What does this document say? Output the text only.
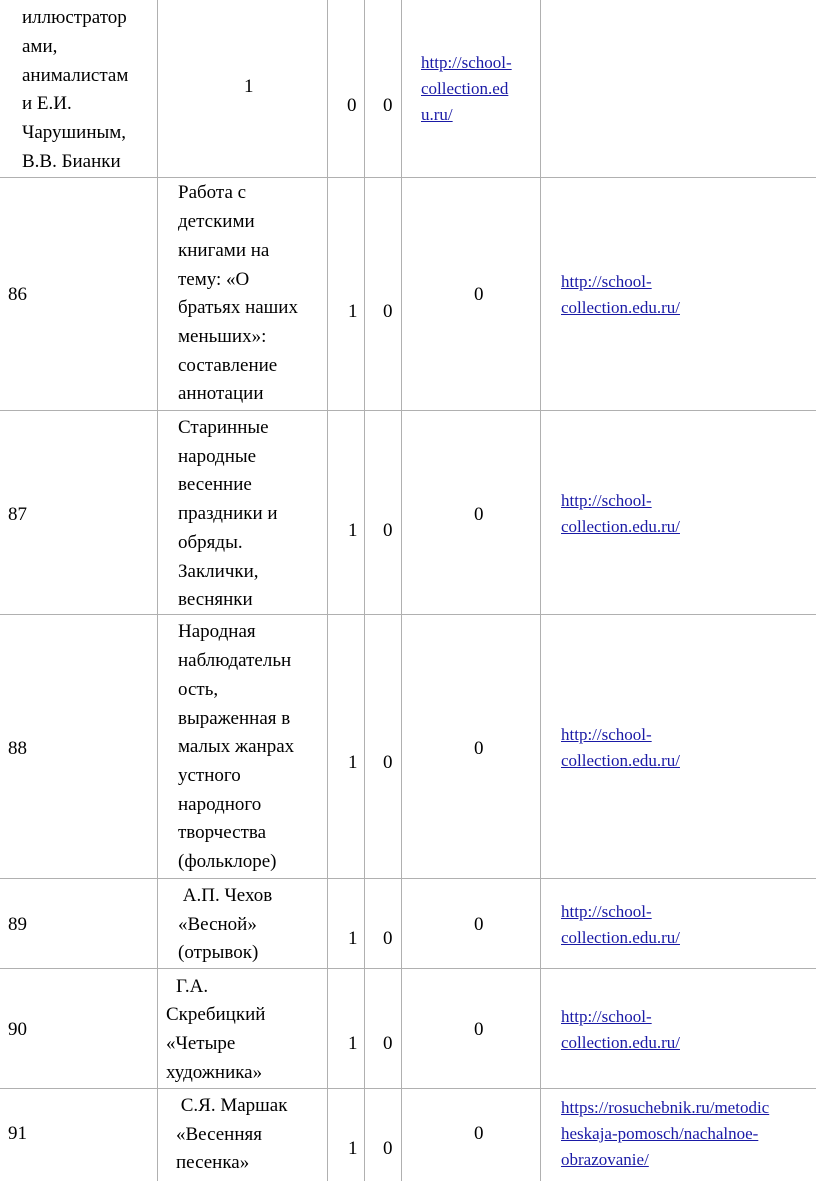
иллюстратор
ами,
анималистам
и Е.И.
Чарушиным,
В.В. Бианки
1
0 0
http://school-
collection.ed
u.ru/
86
Работа с
детскими
книгами на
тему: «О
братьях наших
меньших»:
составление
аннотации
1 0
0
http://school-
collection.edu.ru/
87
Старинные
народные
весенние
праздники и
обряды.
Заклички,
веснянки
1 0
0
http://school-
collection.edu.ru/
88
Народная
наблюдательн
ость,
выраженная в
малых жанрах
устного
народного
творчества
(фольклоре)
1 0
0
http://school-
collection.edu.ru/
89
А.П. Чехов
«Весной»
(отрывок)
1 0
0
http://school-
collection.edu.ru/
90
Г.А.
Скребицкий
«Четыре
художника»
1 0
0
http://school-
collection.edu.ru/
91
С.Я. Маршак
«Весенняя
песенка»
1 0
0
https://rosuchebnik.ru/metodic
heskaja-pomosch/nachalnoe-
obrazovanie/
